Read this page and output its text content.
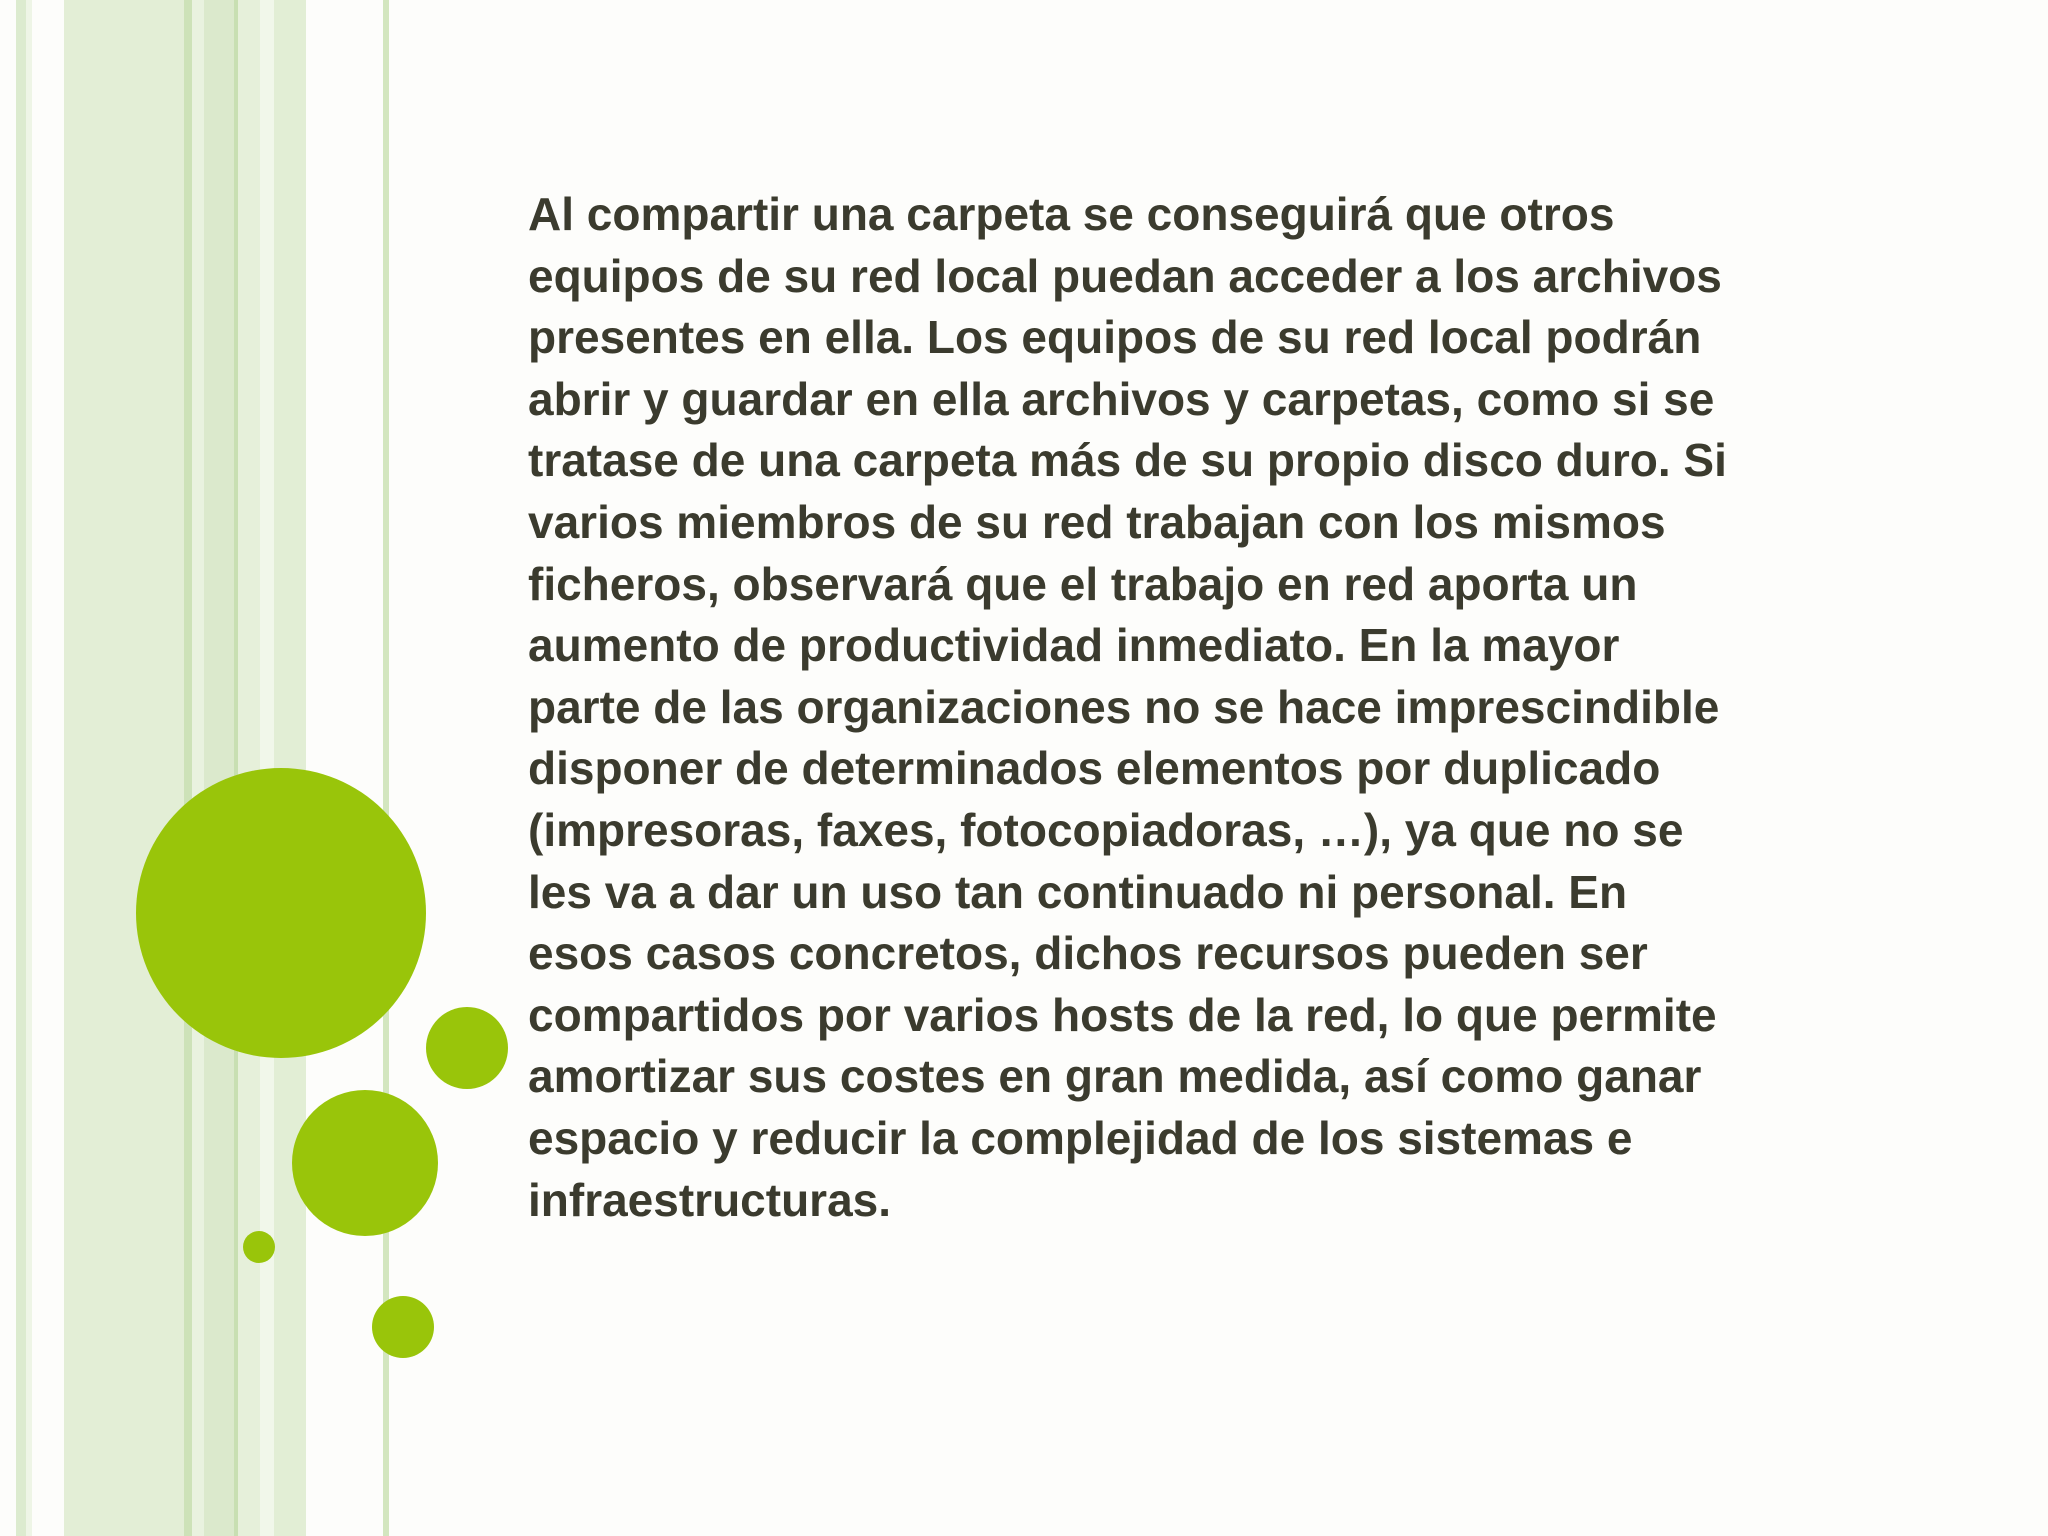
Al compartir una carpeta se conseguirá que otros
equipos de su red local puedan acceder a los archivos
presentes en ella. Los equipos de su red local podrán
abrir y guardar en ella archivos y carpetas, como si se
tratase de una carpeta más de su propio disco duro. Si
varios miembros de su red trabajan con los mismos
ficheros, observará que el trabajo en red aporta un
aumento de productividad inmediato. En la mayor
parte de las organizaciones no se hace imprescindible
disponer de determinados elementos por duplicado
(impresoras, faxes, fotocopiadoras, …), ya que no se
les va a dar un uso tan continuado ni personal. En
esos casos concretos, dichos recursos pueden ser
compartidos por varios hosts de la red, lo que permite
amortizar sus costes en gran medida, así como ganar
espacio y reducir la complejidad de los sistemas e
infraestructuras.
